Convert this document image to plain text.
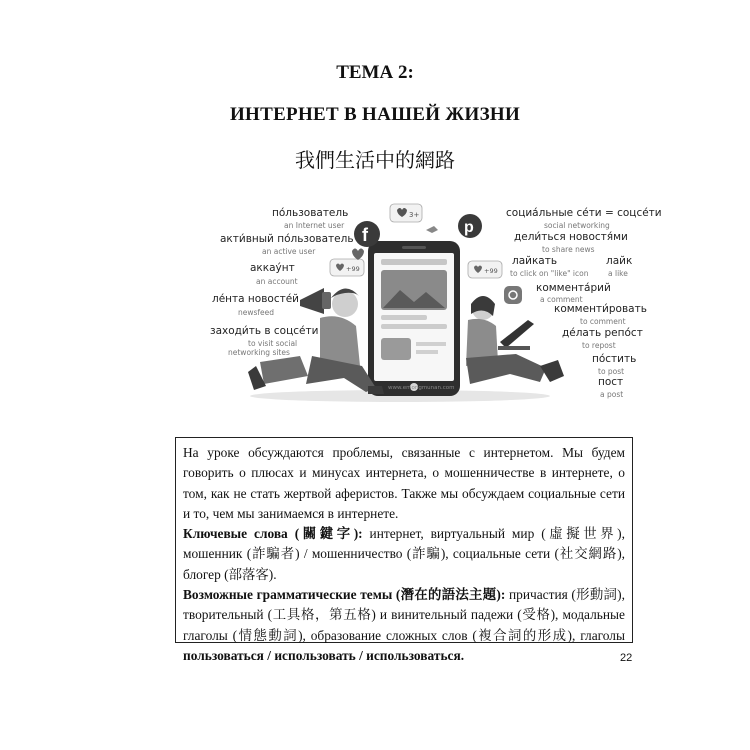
ТЕМА 2:
ИНТЕРНЕТ В НАШЕЙ ЖИЗНИ
我們生活中的網路
3+
+99	+99
f	p
по́льзователь
an Internet user
акти́вный по́льзователь
an active user
аккау́нт
an account
ле́нта новосте́й
newsfeed
заходи́ть в соцсе́ти
to visit social
networking sites
социа́льные се́ти = соцсе́ти
social networking
дели́ться новостя́ми
to share news
лайкать
to click on "like" icon
лайк
a like
коммента́рий
a comment
комменти́ровать
to comment
де́лать репо́ст
to repost
по́стить
to post
пост
a post
www.emongmunan.com

На уроке обсуждаются проблемы, связанные с интернетом. Мы будем говорить о плюсах и минусах интернета, о мошенничестве в интернете, о том, как не стать жертвой аферистов. Также мы обсуждаем социальные сети и то, чем мы занимаемся в интернете.

Ключевые слова (關鍵字): интернет, виртуальный мир (虛擬世界), мошенник (詐騙者) / мошенничество (詐騙), социальные сети (社交網路), блогер (部落客).

Возможные грамматические темы (潛在的語法主題): причастия (形動詞), творительный (工具格，第五格) и винительный падежи (受格), модальные глаголы (情態動詞), образование сложных слов (複合詞的形成), глаголы пользоваться / использовать / использоваться.	22
